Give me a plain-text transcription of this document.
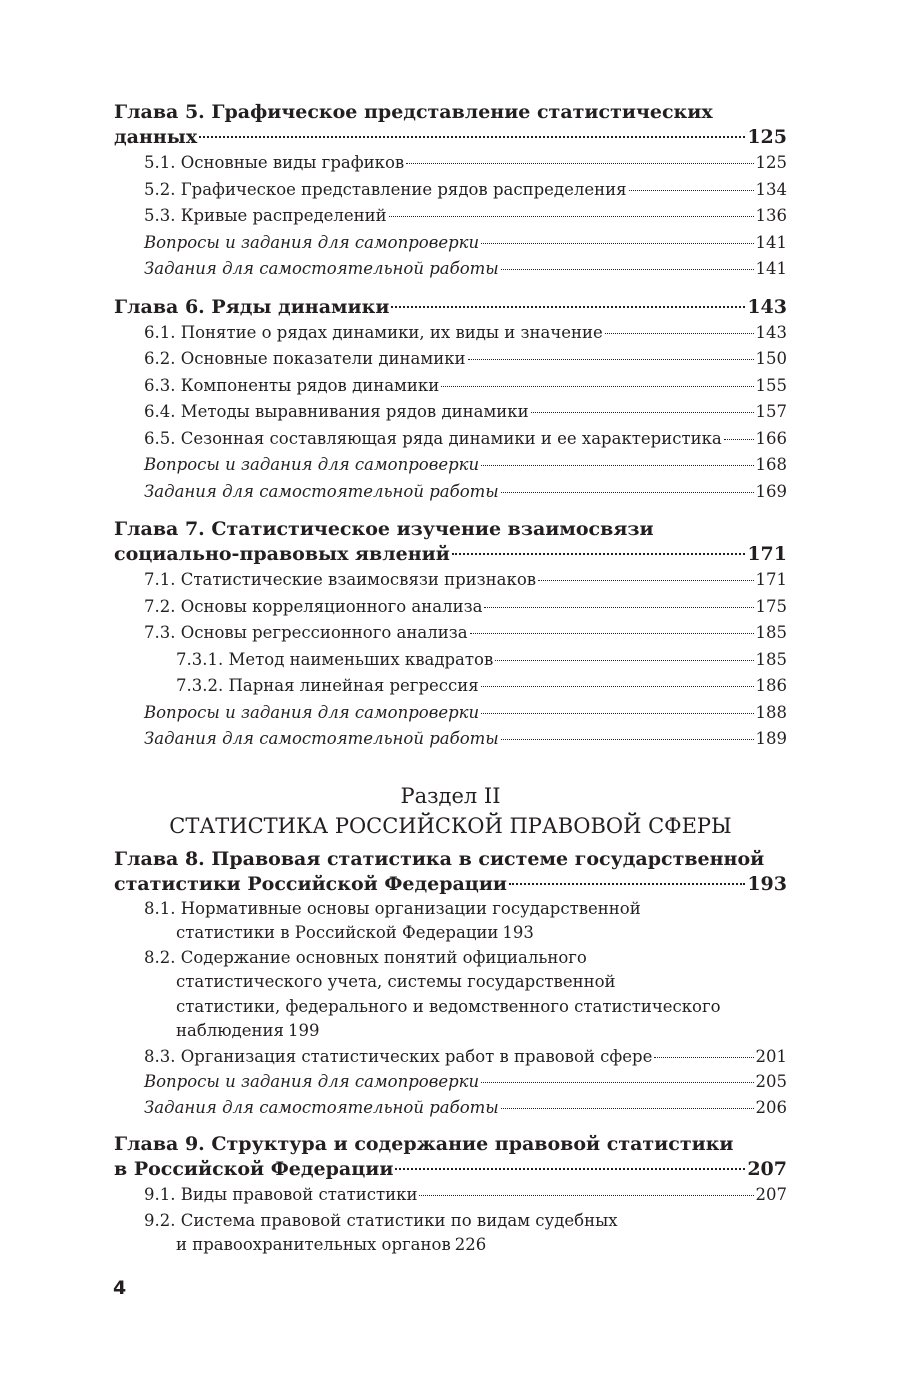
Глава 5. Графическое представление статистических
данных	125
5.1. Основные виды графиков	125
5.2. Графическое представление рядов распределения	134
5.3. Кривые распределений	136
Вопросы и задания для самопроверки	141
Задания для самостоятельной работы	141
Глава 6. Ряды динамики	143
6.1. Понятие о рядах динамики, их виды и значение	143
6.2. Основные показатели динамики	150
6.3. Компоненты рядов динамики	155
6.4. Методы выравнивания рядов динамики	157
6.5. Сезонная составляющая ряда динамики и ее характеристика 166
Вопросы и задания для самопроверки	168
Задания для самостоятельной работы	169
Глава 7. Статистическое изучение взаимосвязи
социально-правовых явлений	171
7.1. Статистические взаимосвязи признаков	171
7.2. Основы корреляционного анализа	175
7.3. Основы регрессионного анализа	185
7.3.1. Метод наименьших квадратов	185
7.3.2. Парная линейная регрессия	186
Вопросы и задания для самопроверки	188
Задания для самостоятельной работы	189
Раздел II
СТАТИСТИКА РОССИЙСКОЙ ПРАВОВОЙ СФЕРЫ
Глава 8. Правовая статистика в системе государственной
статистики Российской Федерации	193
8.1. Нормативные основы организации государственной
статистики в Российской Федерации 193
8.2. Содержание основных понятий официального
статистического учета, системы государственной
статистики, федерального и ведомственного статистического
наблюдения 199
8.3. Организация статистических работ в правовой сфере	201
Вопросы и задания для самопроверки	205
Задания для самостоятельной работы	206
Глава 9. Структура и содержание правовой статистики
в Российской Федерации	207
9.1. Виды правовой статистики	207
9.2. Система правовой статистики по видам судебных
и правоохранительных органов 226
4
